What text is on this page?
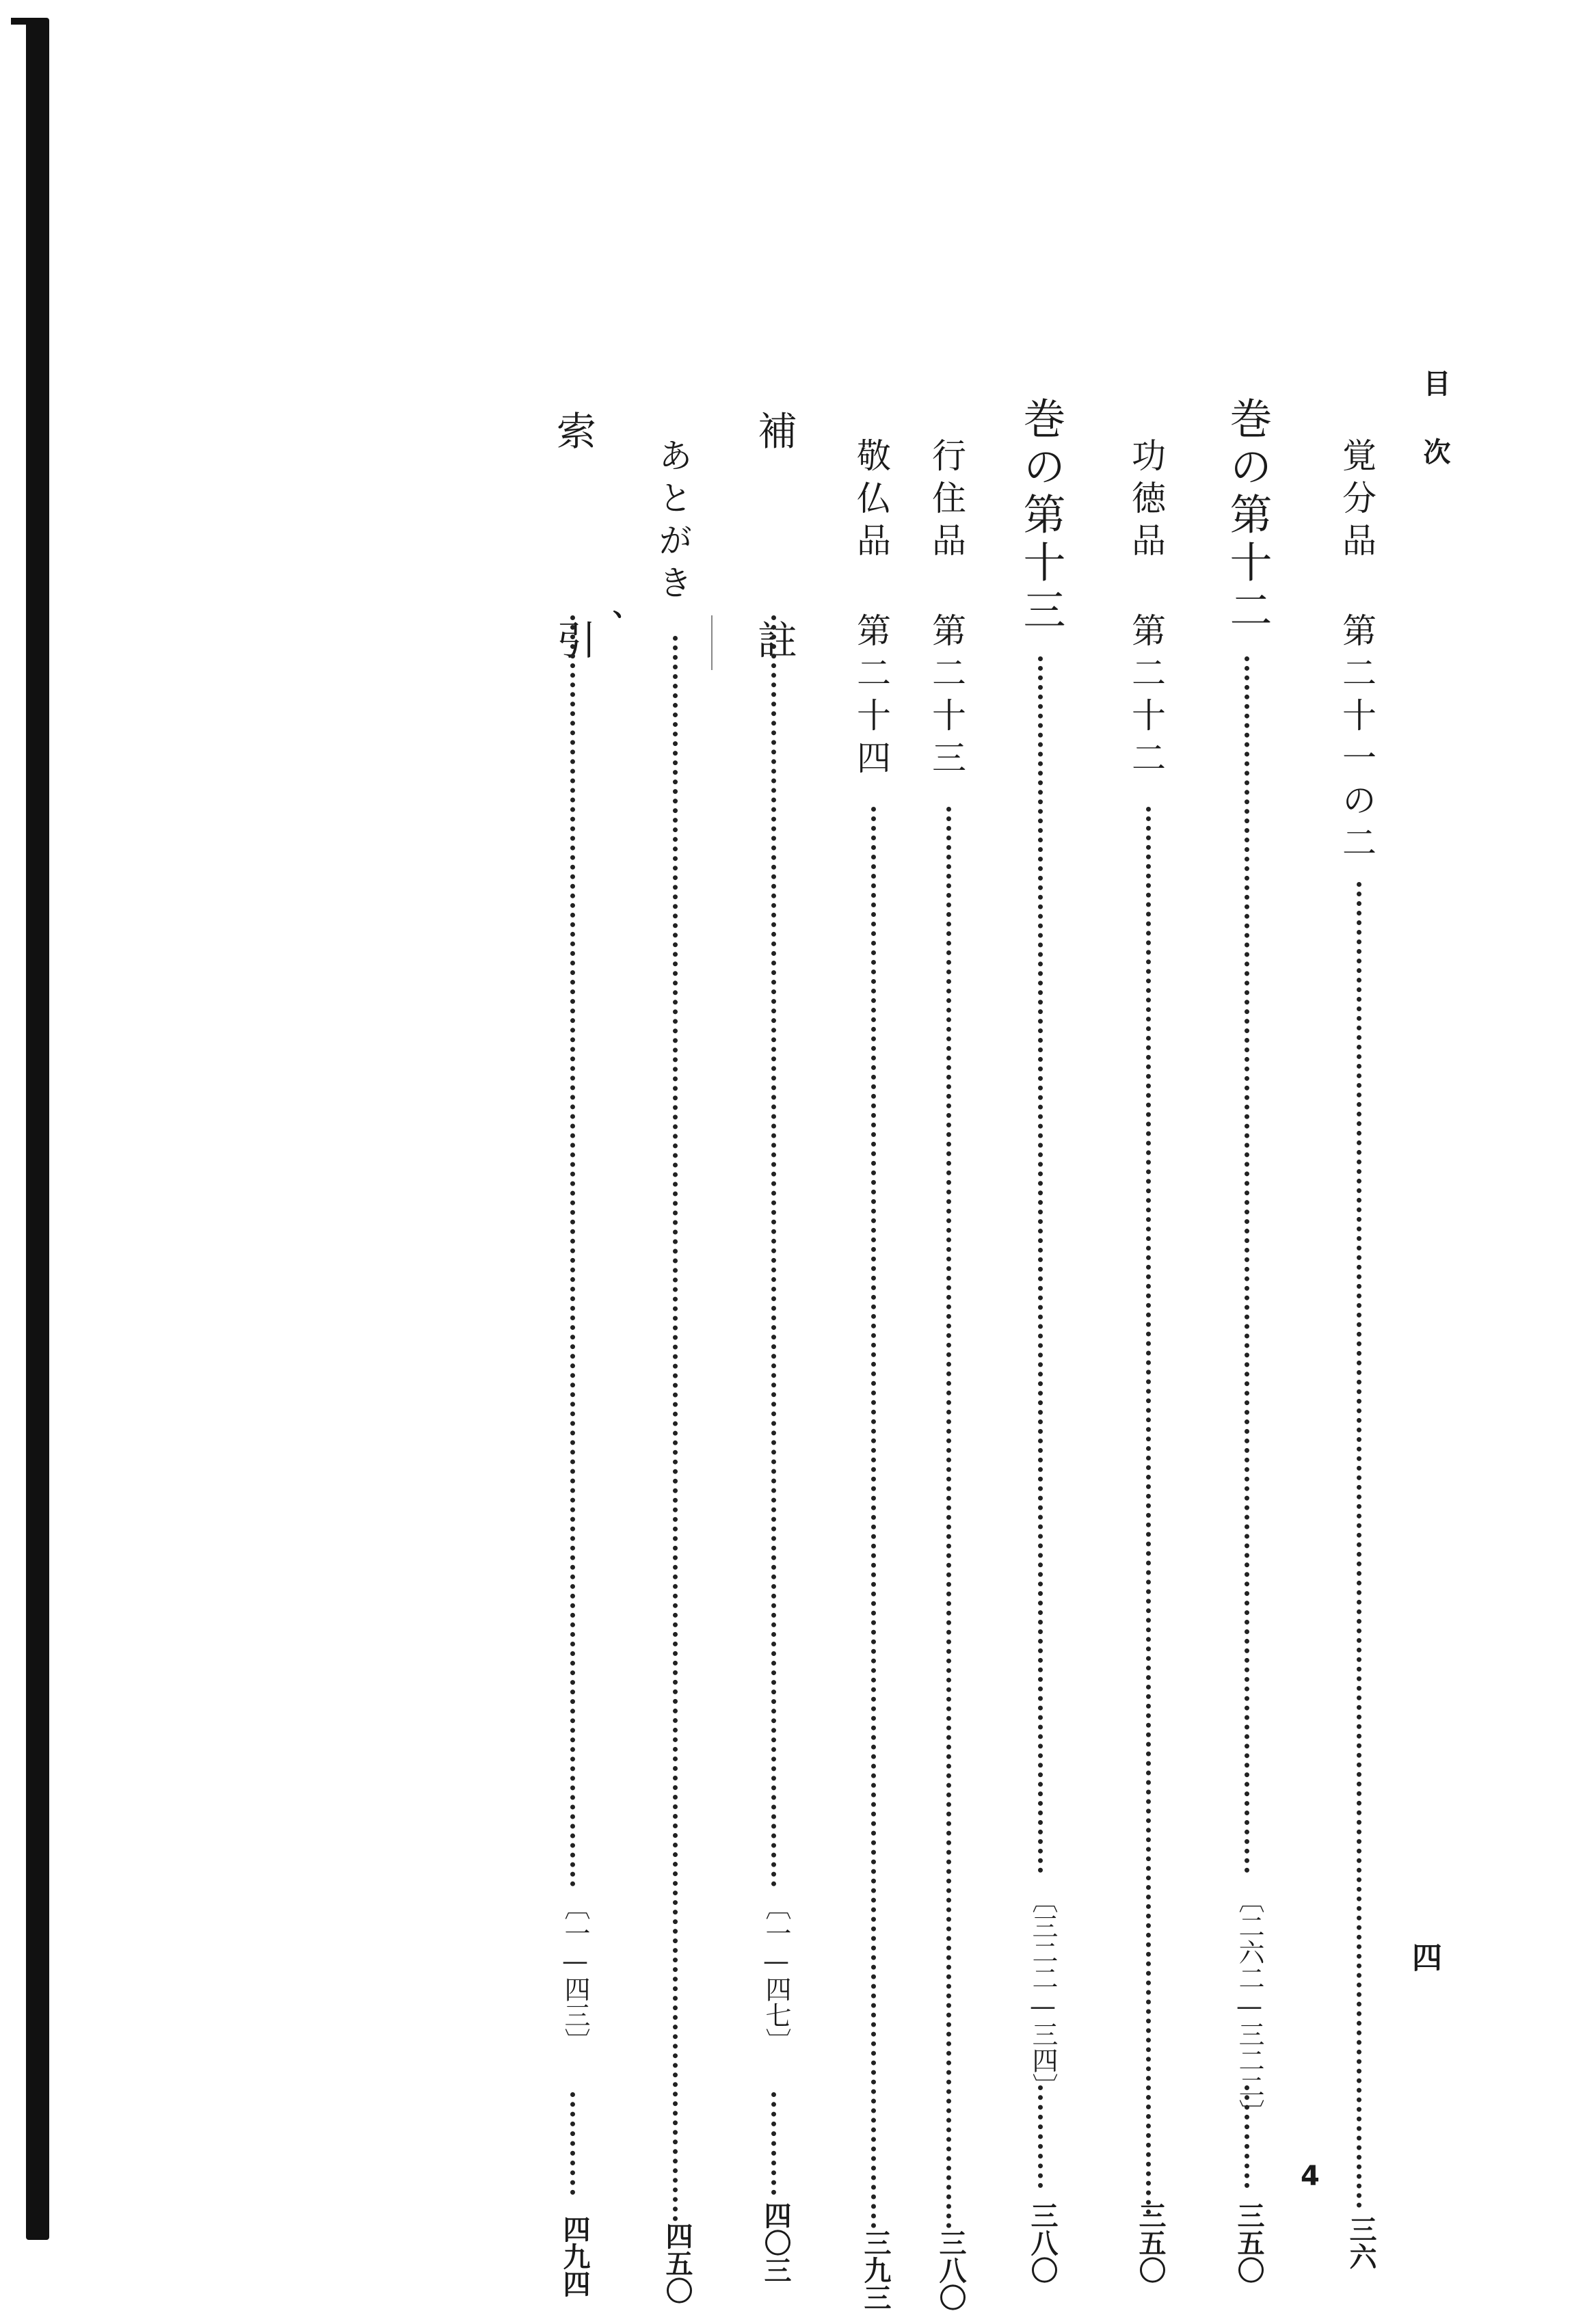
目次
覚分品 第二十一の二
三六
巻の第十二
〔二六二—三二二〕
三五〇
功徳品 第二十二
三五〇
巻の第十三
〔三二二—三四〕
三八〇
行住品 第二十三
三八〇
敬仏品 第二十四
三九三
補 註
〔一—四七〕
四〇三
あとがき
四五〇
、
索 引
〔一—四三〕
四九四
四
4
